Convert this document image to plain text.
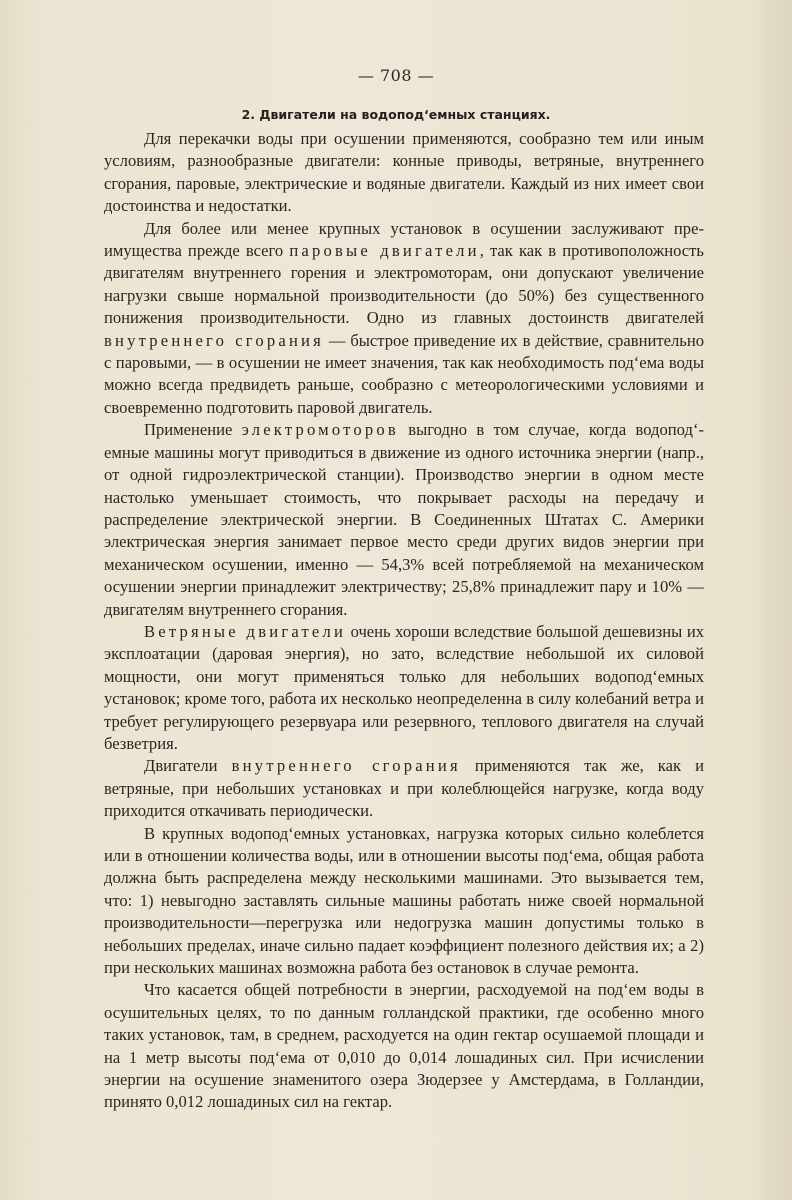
— 708 —
2. Двигатели на водопод‘емных станциях.

Для перекачки воды при осушении применяются, сообразно тем или иным условиям, разнообразные двигатели: конные приводы, ветряные, внутреннего сгорания, паровые, электрические и водяные двигатели. Каждый из них имеет свои достоинства и недостатки.

Для более или менее крупных установок в осушении заслуживают преимущества прежде всего паровые двигатели, так как в противоположность двигателям внутреннего горения и электромоторам, они допускают увеличение нагрузки свыше нормальной производительности (до 50%) без существенного понижения производительности. Одно из главных достоинств двигателей внутреннего сгорания — быстрое приведение их в действие, сравнительно с паровыми, — в осушении не имеет значения, так как необходимость под‘ема воды можно всегда предвидеть раньше, сообразно с метеорологическими условиями и своевременно подготовить паровой двигатель.

Применение электромоторов выгодно в том случае, когда водопод‘емные машины могут приводиться в движение из одного источника энергии (напр., от одной гидроэлектрической станции). Производство энергии в одном месте настолько уменьшает стоимость, что покрывает расходы на передачу и распределение электрической энергии. В Соединенных Штатах С. Америки электрическая энергия занимает первое место среди других видов энергии при механическом осушении, именно — 54,3% всей потребляемой на механическом осушении энергии принадлежит электричеству; 25,8% принадлежит пару и 10% — двигателям внутреннего сгорания.

Ветряные двигатели очень хороши вследствие большой дешевизны их эксплоатации (даровая энергия), но зато, вследствие небольшой их силовой мощности, они могут применяться только для небольших водопод‘емных установок; кроме того, работа их несколько неопределенна в силу колебаний ветра и требует регулирующего резервуара или резервного, теплового двигателя на случай безветрия.

Двигатели внутреннего сгорания применяются так же, как и ветряные, при небольших установках и при колеблющейся нагрузке, когда воду приходится откачивать периодически.

В крупных водопод‘емных установках, нагрузка которых сильно колеблется или в отношении количества воды, или в отношении высоты под‘ема, общая работа должна быть распределена между несколькими машинами. Это вызывается тем, что: 1) невыгодно заставлять сильные машины работать ниже своей нормальной производительности—перегрузка или недогрузка машин допустимы только в небольших пределах, иначе сильно падает коэффициент полезного действия их; а 2) при нескольких машинах возможна работа без остановок в случае ремонта.

Что касается общей потребности в энергии, расходуемой на под‘ем воды в осушительных целях, то по данным голландской практики, где особенно много таких установок, там, в среднем, расходуется на один гектар осушаемой площади и на 1 метр высоты под‘ема от 0,010 до 0,014 лошадиных сил. При исчислении энергии на осушение знаменитого озера Зюдерзее у Амстердама, в Голландии, принято 0,012 лошадиных сил на гектар.
